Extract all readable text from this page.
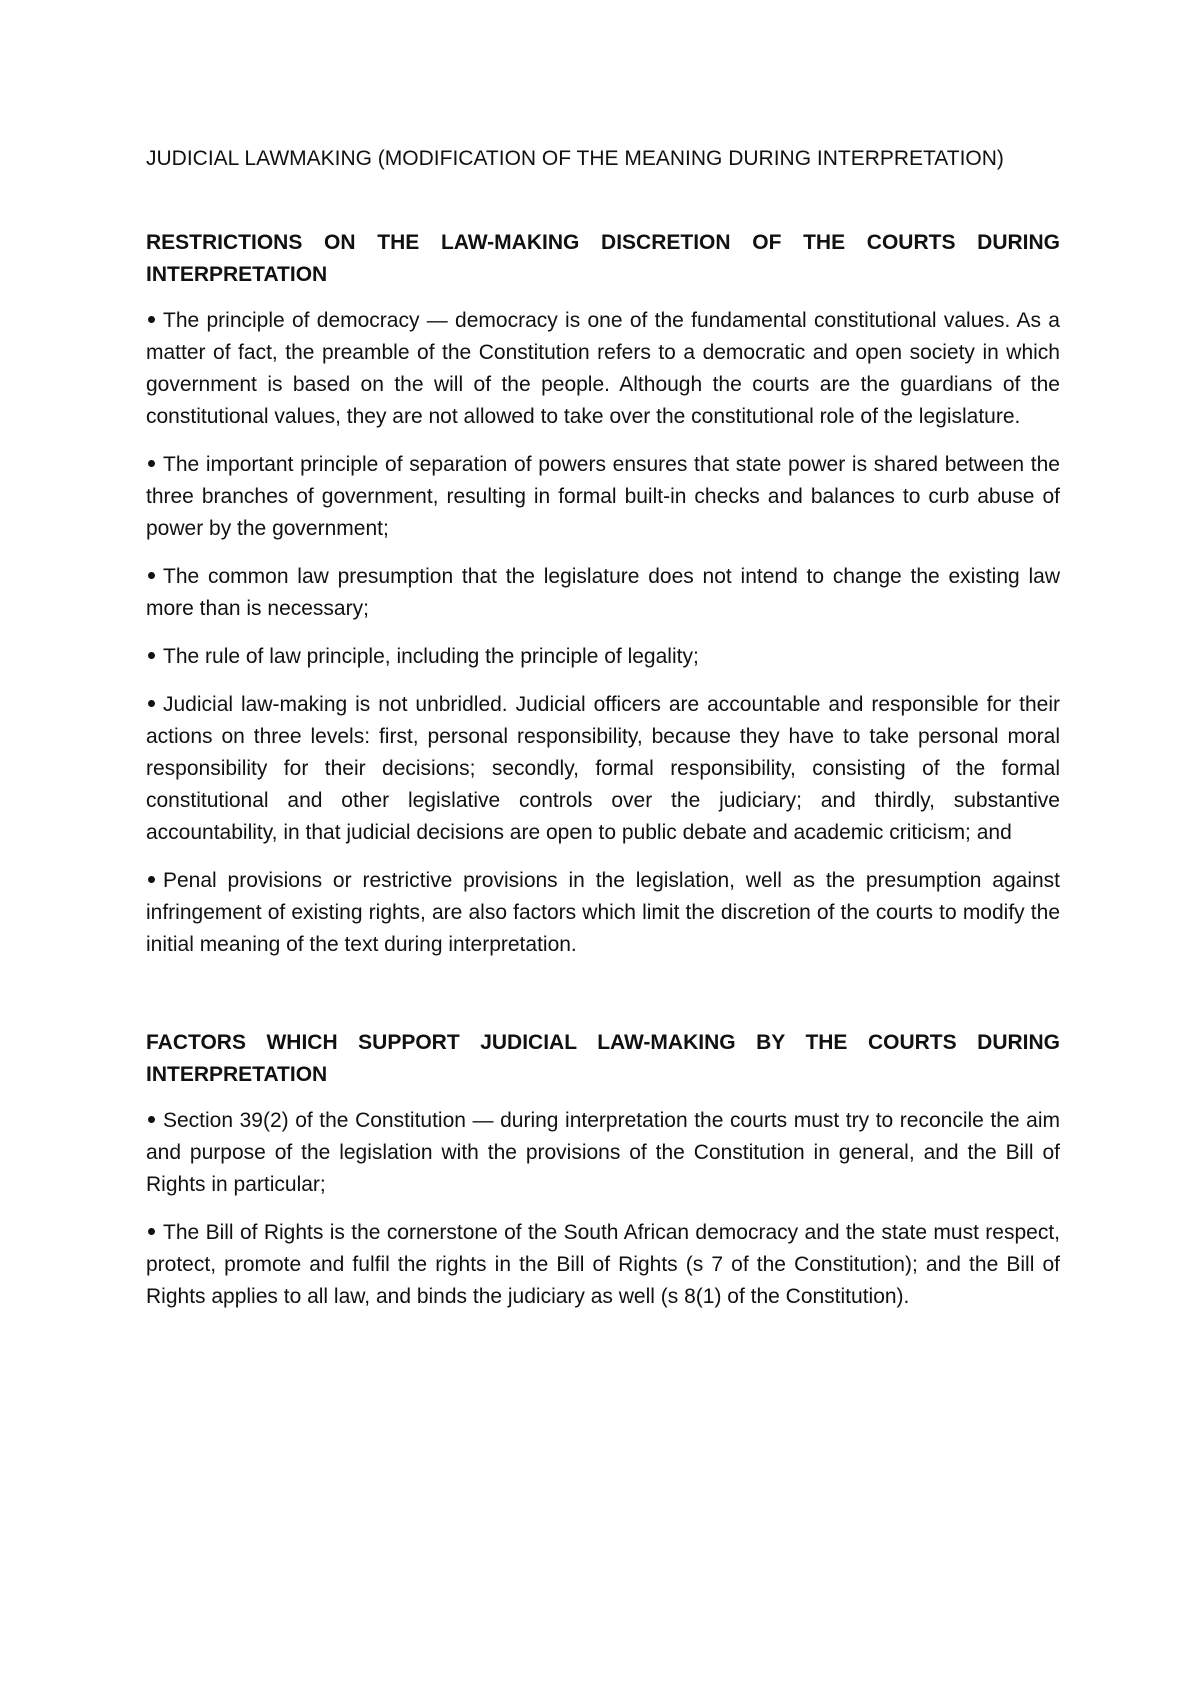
JUDICIAL LAWMAKING (MODIFICATION OF THE MEANING DURING INTERPRETATION)

RESTRICTIONS ON THE LAW-MAKING DISCRETION OF THE COURTS DURING INTERPRETATION
The principle of democracy — democracy is one of the fundamental constitutional values. As a matter of fact, the preamble of the Constitution refers to a democratic and open society in which government is based on the will of the people. Although the courts are the guardians of the constitutional values, they are not allowed to take over the constitutional role of the legislature.
The important principle of separation of powers ensures that state power is shared between the three branches of government, resulting in formal built-in checks and balances to curb abuse of power by the government;
The common law presumption that the legislature does not intend to change the existing law more than is necessary;
The rule of law principle, including the principle of legality;
Judicial law-making is not unbridled. Judicial officers are accountable and responsible for their actions on three levels: first, personal responsibility, because they have to take personal moral responsibility for their decisions; secondly, formal responsibility, consisting of the formal constitutional and other legislative controls over the judiciary; and thirdly, substantive accountability, in that judicial decisions are open to public debate and academic criticism; and
Penal provisions or restrictive provisions in the legislation, well as the presumption against infringement of existing rights, are also factors which limit the discretion of the courts to modify the initial meaning of the text during interpretation.
FACTORS WHICH SUPPORT JUDICIAL LAW-MAKING BY THE COURTS DURING INTERPRETATION
Section 39(2) of the Constitution — during interpretation the courts must try to reconcile the aim and purpose of the legislation with the provisions of the Constitution in general, and the Bill of Rights in particular;
The Bill of Rights is the cornerstone of the South African democracy and the state must respect, protect, promote and fulfil the rights in the Bill of Rights (s 7 of the Constitution); and the Bill of Rights applies to all law, and binds the judiciary as well (s 8(1) of the Constitution).
